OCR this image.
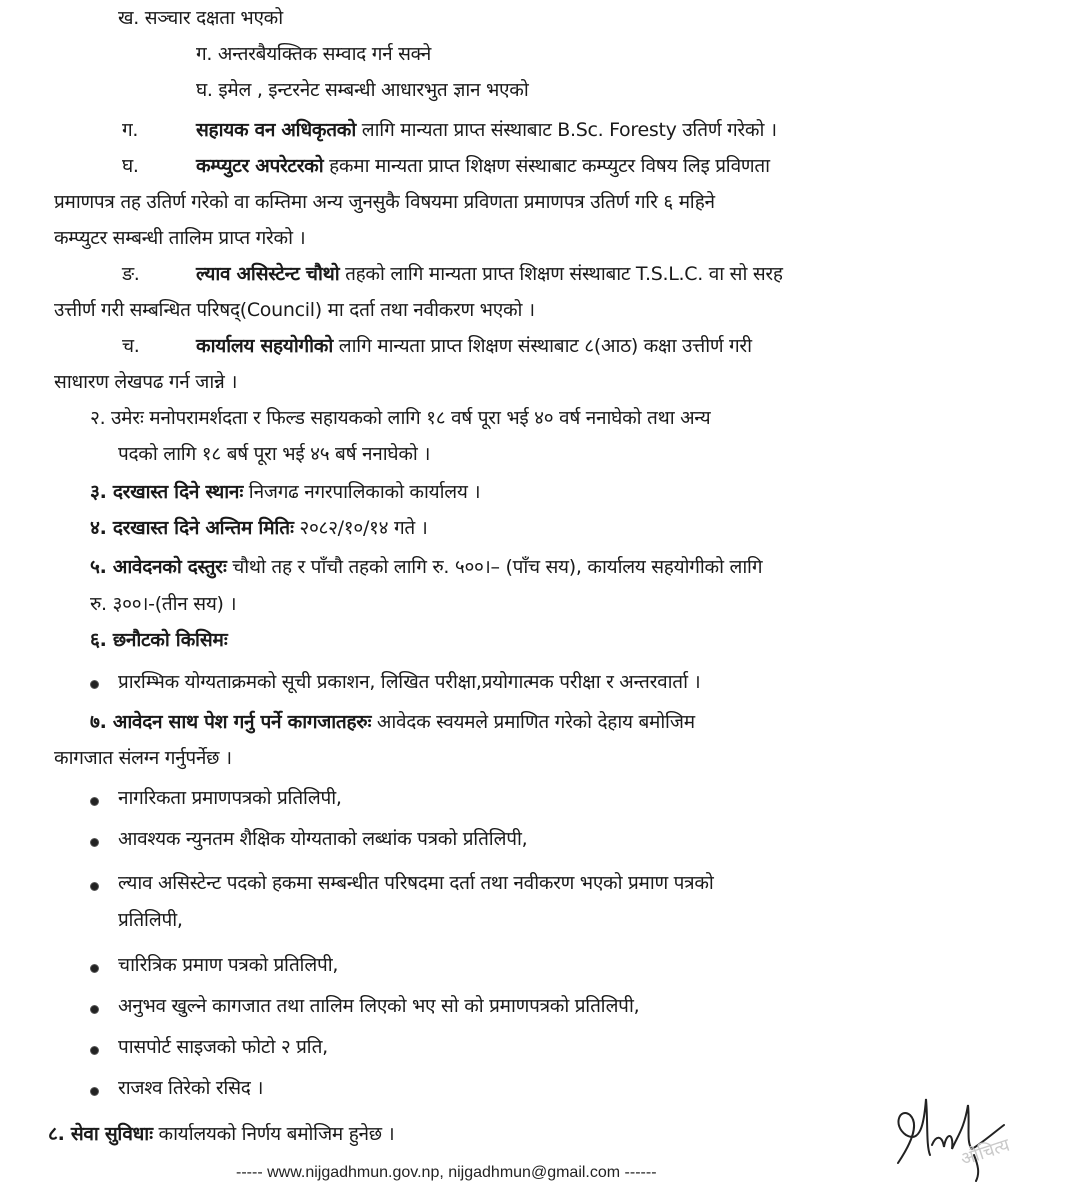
ख. सञ्चार दक्षता भएको
ग. अन्तरबैयक्तिक सम्वाद गर्न सक्ने
घ. इमेल , इन्टरनेट सम्बन्धी आधारभुत ज्ञान भएको
ग.	सहायक वन अधिकृतको लागि मान्यता प्राप्त संस्थाबाट B.Sc. Foresty उतिर्ण गरेको ।
घ.	कम्प्युटर अपरेटरको हकमा मान्यता प्राप्त शिक्षण संस्थाबाट कम्प्युटर विषय लिइ प्रविणता
प्रमाणपत्र तह उतिर्ण गरेको वा कम्तिमा अन्य जुनसुकै विषयमा प्रविणता प्रमाणपत्र उतिर्ण गरि ६ महिने
कम्प्युटर सम्बन्धी तालिम प्राप्त गरेको ।
ङ.	ल्याव असिस्टेन्ट चौथो तहको लागि मान्यता प्राप्त शिक्षण संस्थाबाट T.S.L.C. वा सो सरह
उत्तीर्ण गरी सम्बन्धित परिषद्(Council) मा दर्ता तथा नवीकरण भएको ।
च.	कार्यालय सहयोगीको लागि मान्यता प्राप्त शिक्षण संस्थाबाट ८(आठ) कक्षा उत्तीर्ण गरी
साधारण लेखपढ गर्न जान्ने ।
२. उमेरः मनोपरामर्शदता र फिल्ड सहायकको लागि १८ वर्ष पूरा भई ४० वर्ष ननाघेको तथा अन्य
पदको लागि १८ बर्ष पूरा भई ४५ बर्ष ननाघेको ।
३. दरखास्त दिने स्थानः निजगढ नगरपालिकाको कार्यालय ।
४. दरखास्त दिने अन्तिम मितिः २०८२/१०/१४ गते ।
५. आवेदनको दस्तुरः चौथो तह र पाँचौ तहको लागि रु. ५००।– (पाँच सय), कार्यालय सहयोगीको लागि
रु. ३००।-(तीन सय) ।
६. छनौटको किसिमः
प्रारम्भिक योग्यताक्रमको सूची प्रकाशन, लिखित परीक्षा,प्रयोगात्मक परीक्षा र अन्तरवार्ता ।
७. आवेदन साथ पेश गर्नु पर्ने कागजातहरुः आवेदक स्वयमले प्रमाणित गरेको देहाय बमोजिम
कागजात संलग्न गर्नुपर्नेछ ।
नागरिकता प्रमाणपत्रको प्रतिलिपी,
आवश्यक न्युनतम शैक्षिक योग्यताको लब्धांक पत्रको प्रतिलिपी,
ल्याव असिस्टेन्ट पदको हकमा सम्बन्धीत परिषदमा दर्ता तथा नवीकरण भएको प्रमाण पत्रको
प्रतिलिपी,
चारित्रिक प्रमाण पत्रको प्रतिलिपी,
अनुभव खुल्ने कागजात तथा तालिम लिएको भए सो को प्रमाणपत्रको प्रतिलिपी,
पासपोर्ट साइजको फोटो २ प्रति,
राजश्व तिरेको रसिद ।
८. सेवा सुविधाः कार्यालयको निर्णय बमोजिम हुनेछ ।
----- www.nijgadhmun.gov.np, nijgadhmun@gmail.com ------
औचित्य
